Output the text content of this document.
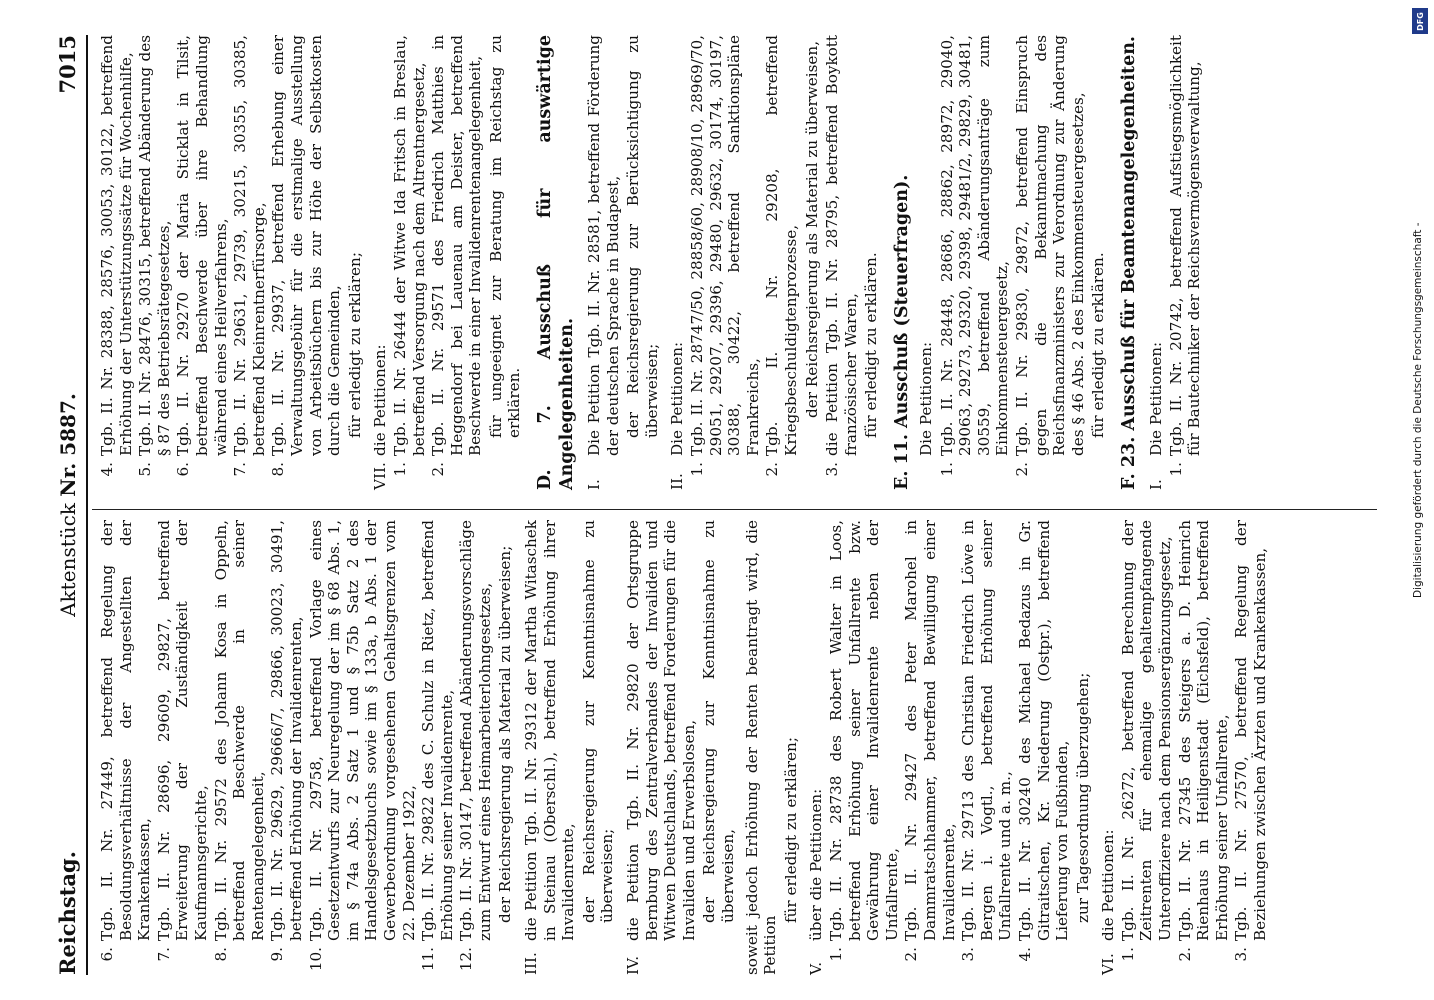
Reichstag.
Aktenstück Nr. 5887.
7015
6.
Tgb. II. Nr. 27449, betreffend Regelung der Besoldungsverhältnisse der Angestellten der Krankenkassen,
7.
Tgb. II. Nr. 28696, 29609, 29827, betreffend Erweiterung der Zuständigkeit der Kaufmannsgerichte,
8.
Tgb. II. Nr. 29572 des Johann Kosa in Oppeln, betreffend Beschwerde in seiner Rentenangelegenheit,
9.
Tgb. II. Nr. 29629, 29666/7, 29866, 30023, 30491, betreffend Erhöhung der Invalidenrenten,
10.
Tgb. II. Nr. 29758, betreffend Vorlage eines Gesetzentwurfs zur Neuregelung der im § 68 Abs. 1, im § 74a Abs. 2 Satz 1 und § 75b Satz 2 des Handelsgesetzbuchs sowie im § 133a, b Abs. 1 der Gewerbeordnung vorgesehenen Gehaltsgrenzen vom 22. Dezember 1922,
11.
Tgb. II. Nr. 29822 des C. Schulz in Rietz, betreffend Erhöhung seiner Invalidenrente,
12.
Tgb. II. Nr. 30147, betreffend Abänderungsvorschläge zum Entwurf eines Heimarbeiterlohngesetzes, der Reichsregierung als Material zu überweisen;
III.
die Petition Tgb. II. Nr. 29312 der Martha Witaschek in Steinau (Oberschl.), betreffend Erhöhung ihrer Invalidenrente, der Reichsregierung zur Kenntnisnahme zu überweisen;
IV.
die Petition Tgb. II. Nr. 29820 der Ortsgruppe Bernburg des Zentralverbandes der Invaliden und Witwen Deutschlands, betreffend Forderungen für die Invaliden und Erwerbslosen, der Reichsregierung zur Kenntnisnahme zu überweisen, soweit jedoch Erhöhung der Renten beantragt wird, die Petition
für erledigt zu erklären;
V.
über die Petitionen:
1.
Tgb. II. Nr. 28738 des Robert Walter in Loos, betreffend Erhöhung seiner Unfallrente bzw. Gewährung einer Invalidenrente neben der Unfallrente,
2.
Tgb. II. Nr. 29427 des Peter Marohel in Dammratschhammer, betreffend Bewilligung einer Invalidenrente,
3.
Tgb. II. Nr. 29713 des Christian Friedrich Löwe in Bergen i. Vogtl., betreffend Erhöhung seiner Unfallrente und a. m.,
4.
Tgb. II. Nr. 30240 des Michael Bedazus in Gr. Gitraitschen, Kr. Niederung (Ostpr.), betreffend Lieferung von Fußbinden, zur Tagesordnung überzugehen;
VI.
die Petitionen:
1.
Tgb. II. Nr. 26272, betreffend Berechnung der Zeitrenten für ehemalige gehaltempfangende Unteroffiziere nach dem Pensionsergänzungsgesetz,
2.
Tgb. II. Nr. 27345 des Steigers a. D. Heinrich Rienhaus in Heiligenstadt (Eichsfeld), betreffend Erhöhung seiner Unfallrente,
3.
Tgb. II. Nr. 27570, betreffend Regelung der Beziehungen zwischen Ärzten und Krankenkassen,
4.
Tgb. II. Nr. 28388, 28576, 30053, 30122, betreffend Erhöhung der Unterstützungssätze für Wochenhilfe,
5.
Tgb. II. Nr. 28476, 30315, betreffend Abänderung des § 87 des Betriebsrätegesetzes,
6.
Tgb. II. Nr. 29270 der Maria Sticklat in Tilsit, betreffend Beschwerde über ihre Behandlung während eines Heilverfahrens,
7.
Tgb. II. Nr. 29631, 29739, 30215, 30355, 30385, betreffend Kleinrentnerfürsorge,
8.
Tgb. II. Nr. 29937, betreffend Erhebung einer Verwaltungsgebühr für die erstmalige Ausstellung von Arbeitsbüchern bis zur Höhe der Selbstkosten durch die Gemeinden, für erledigt zu erklären;
VII.
die Petitionen:
1.
Tgb. II. Nr. 26444 der Witwe Ida Fritsch in Breslau, betreffend Versorgung nach dem Altrentnergesetz,
2.
Tgb. II. Nr. 29571 des Friedrich Matthies in Heggendorf bei Lauenau am Deister, betreffend Beschwerde in einer Invalidenrentenangelegenheit, für ungeeignet zur Beratung im Reichstag zu erklären. D. 7. Ausschuß für auswärtige Angelegenheiten. I.
Die Petition Tgb. II. Nr. 28581, betreffend Förderung der deutschen Sprache in Budapest, der Reichsregierung zur Berücksichtigung zu überweisen;
II.
Die Petitionen:
1.
Tgb. II. Nr. 28747/50, 28858/60, 28908/10, 28969/70, 29051, 29207, 29396, 29480, 29632, 30174, 30197, 30388, 30422, betreffend Sanktionspläne Frankreichs,
2.
Tgb. II. Nr. 29208, betreffend Kriegsbeschuldigtenprozesse, der Reichsregierung als Material zu überweisen,
3.
die Petition Tgb. II. Nr. 28795, betreffend Boykott französischer Waren, für erledigt zu erklären. E. 11. Ausschuß (Steuerfragen). Die Petitionen:
1.
Tgb. II. Nr. 28448, 28686, 28862, 28972, 29040, 29063, 29273, 29320, 29398, 29481/2, 29829, 30481, 30559, betreffend Abänderungsanträge zum Einkommensteuergesetz,
2.
Tgb. II. Nr. 29830, 29872, betreffend Einspruch gegen die Bekanntmachung des Reichsfinanzministers zur Verordnung zur Änderung des § 46 Abs. 2 des Einkommensteuergesetzes, für erledigt zu erklären. F. 23. Ausschuß für Beamtenangelegenheiten. I.
Die Petitionen:
1.
Tgb. II. Nr. 20742, betreffend Aufstiegsmöglichkeit für Bautechniker der Reichsvermögensverwaltung,
DFG
Digitalisierung gefördert durch die Deutsche Forschungsgemeinschaft -
